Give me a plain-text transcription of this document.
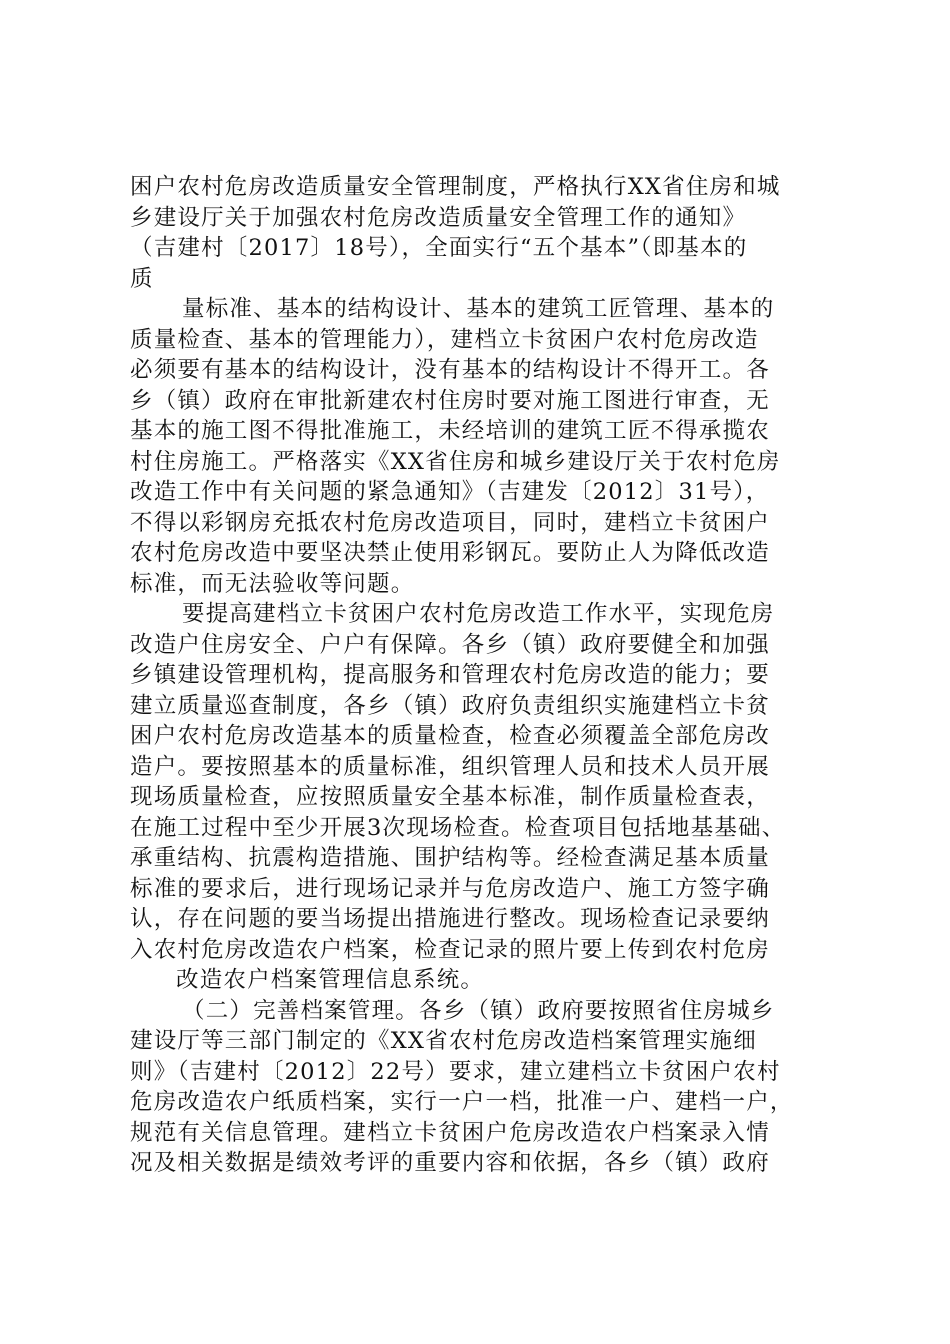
困户农村危房改造质量安全管理制度，严格执行XX省住房和城
乡建设厅关于加强农村危房改造质量安全管理工作的通知》
（吉建村〔2017〕18号），全面实行“五个基本”（即基本的
质
量标准、基本的结构设计、基本的建筑工匠管理、基本的
质量检查、基本的管理能力），建档立卡贫困户农村危房改造
必须要有基本的结构设计，没有基本的结构设计不得开工。各
乡（镇）政府在审批新建农村住房时要对施工图进行审查，无
基本的施工图不得批准施工，未经培训的建筑工匠不得承揽农
村住房施工。严格落实《XX省住房和城乡建设厅关于农村危房
改造工作中有关问题的紧急通知》（吉建发〔2012〕31号），
不得以彩钢房充抵农村危房改造项目，同时，建档立卡贫困户
农村危房改造中要坚决禁止使用彩钢瓦。要防止人为降低改造
标准，而无法验收等问题。
要提高建档立卡贫困户农村危房改造工作水平，实现危房
改造户住房安全、户户有保障。各乡（镇）政府要健全和加强
乡镇建设管理机构，提高服务和管理农村危房改造的能力；要
建立质量巡查制度，各乡（镇）政府负责组织实施建档立卡贫
困户农村危房改造基本的质量检查，检查必须覆盖全部危房改
造户。要按照基本的质量标准，组织管理人员和技术人员开展
现场质量检查，应按照质量安全基本标准，制作质量检查表，
在施工过程中至少开展3次现场检查。检查项目包括地基基础、
承重结构、抗震构造措施、围护结构等。经检查满足基本质量
标准的要求后，进行现场记录并与危房改造户、施工方签字确
认，存在问题的要当场提出措施进行整改。现场检查记录要纳
入农村危房改造农户档案，检查记录的照片要上传到农村危房
改造农户档案管理信息系统。
（二）完善档案管理。各乡（镇）政府要按照省住房城乡
建设厅等三部门制定的《XX省农村危房改造档案管理实施细
则》（吉建村〔2012〕22号）要求，建立建档立卡贫困户农村
危房改造农户纸质档案，实行一户一档，批准一户、建档一户，
规范有关信息管理。建档立卡贫困户危房改造农户档案录入情
况及相关数据是绩效考评的重要内容和依据，各乡（镇）政府
